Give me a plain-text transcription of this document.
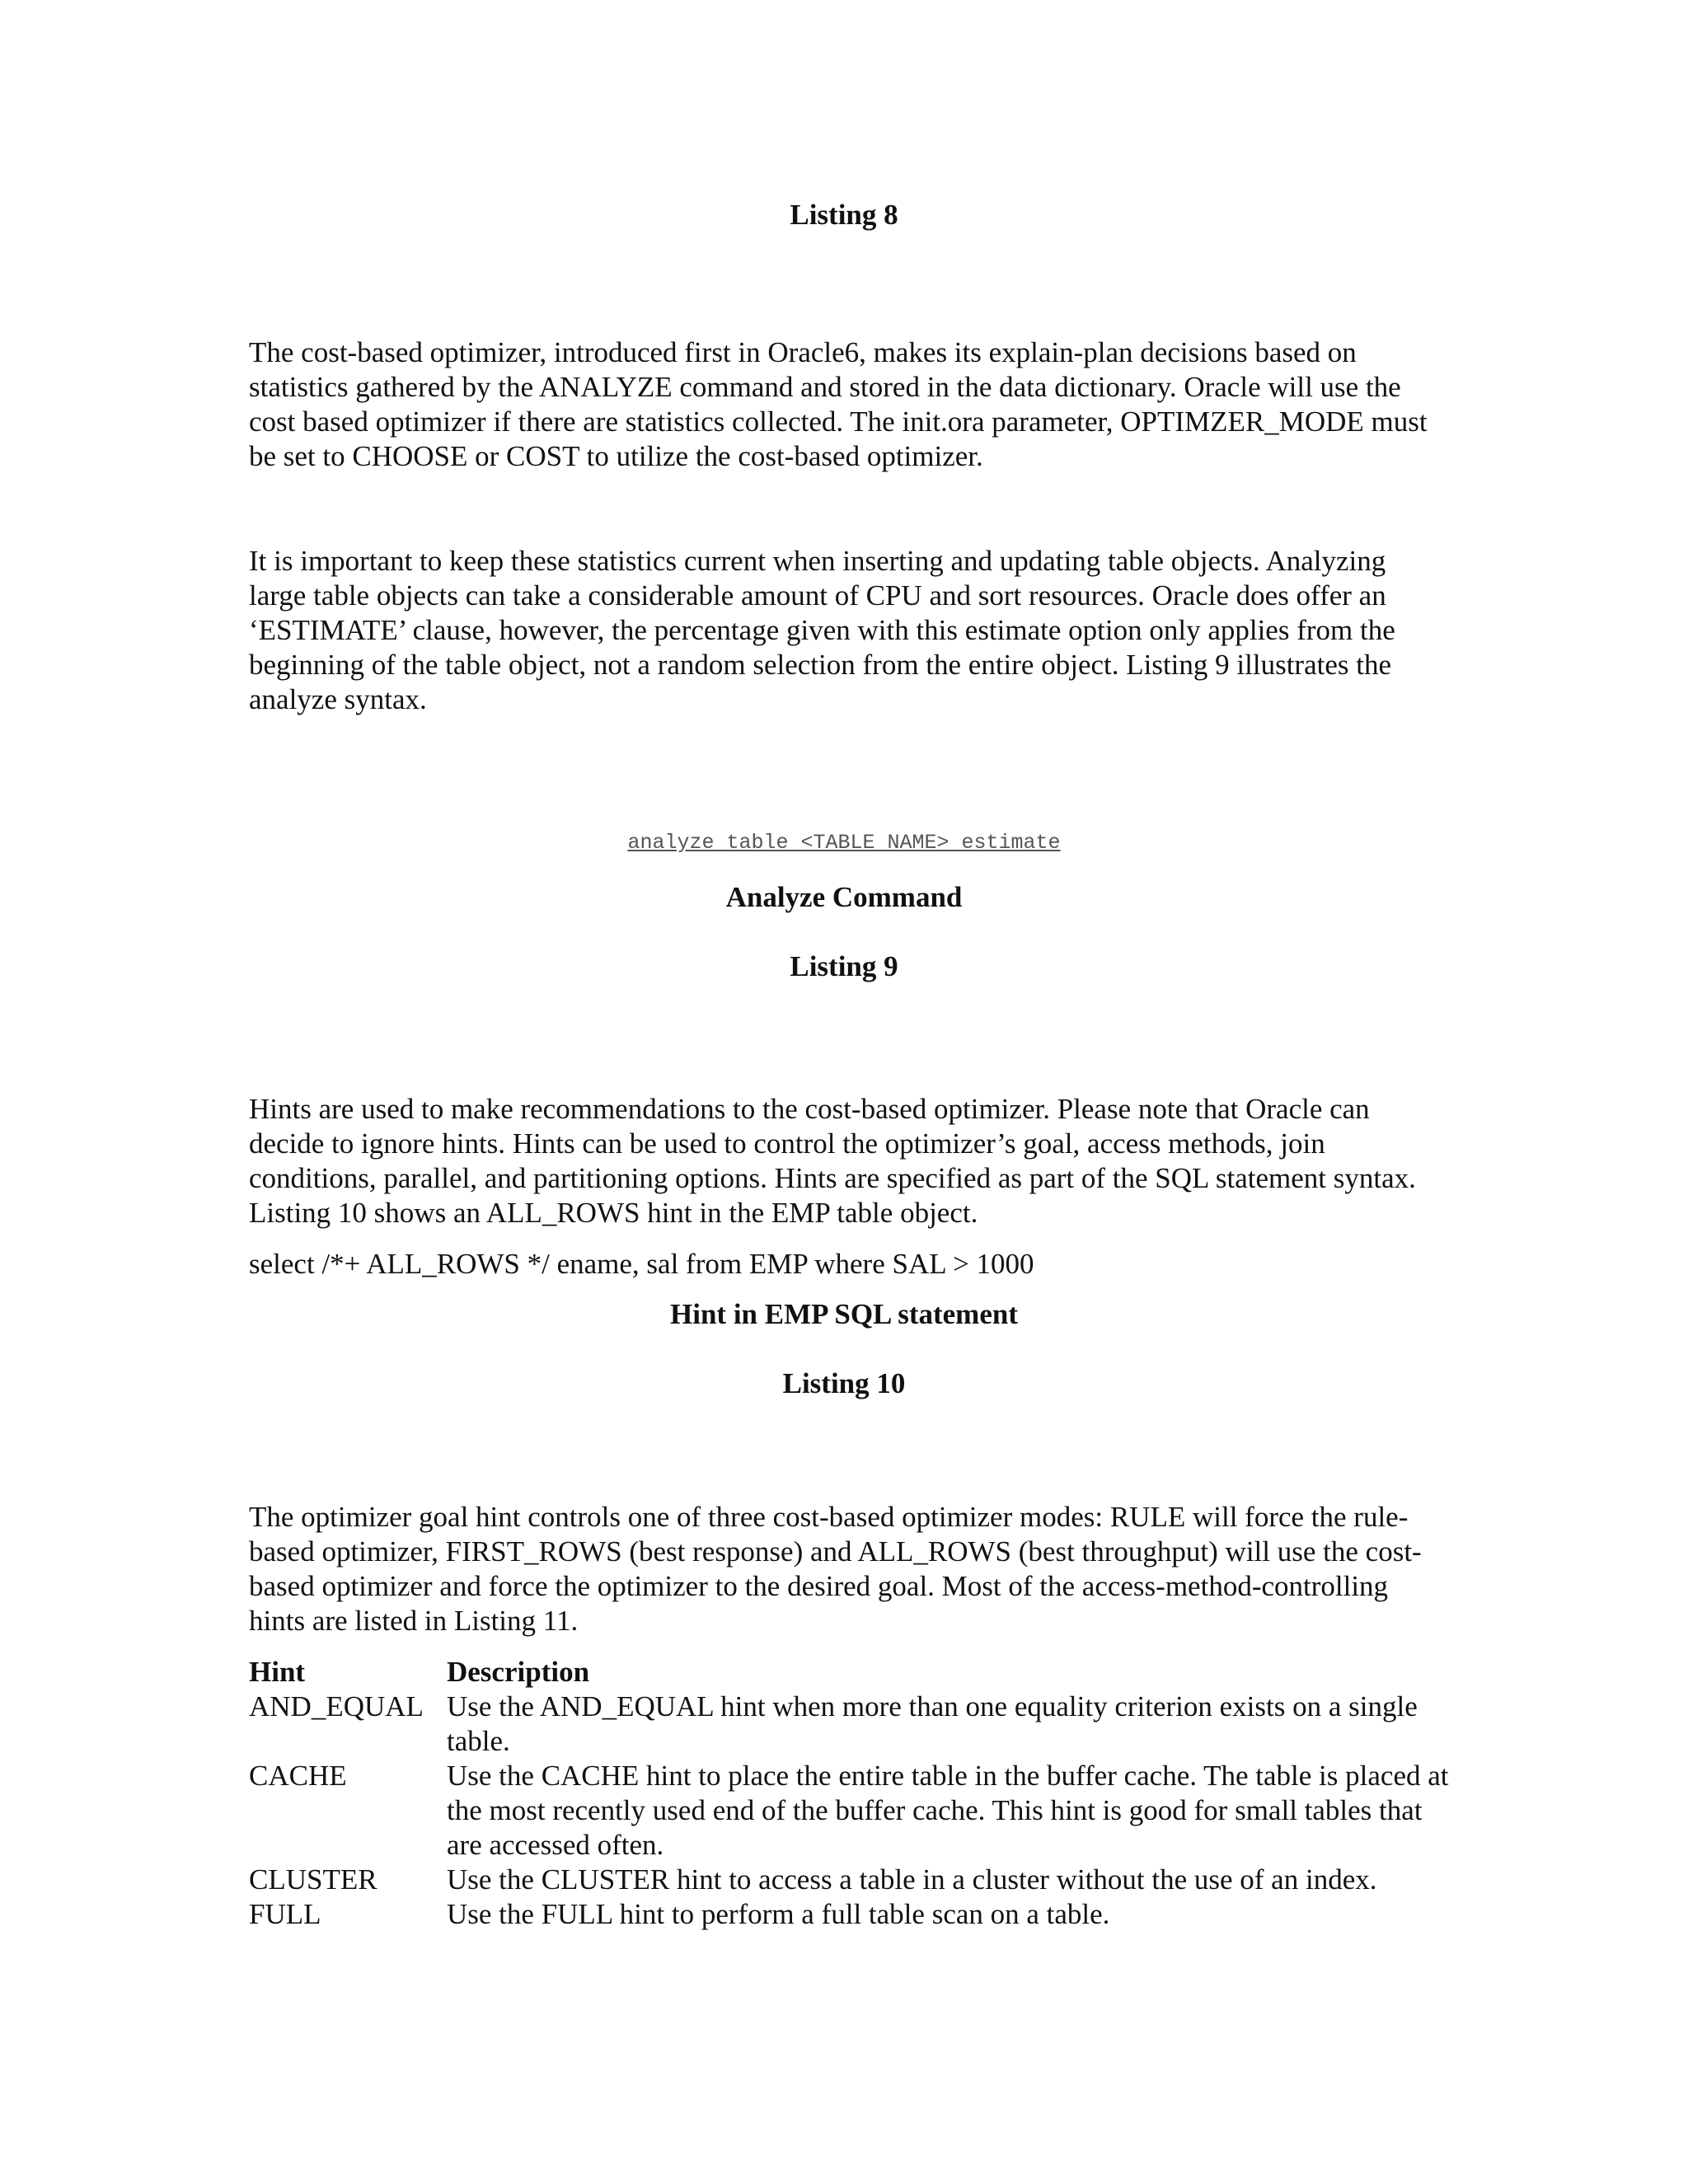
Listing 8

The cost-based optimizer, introduced first in Oracle6, makes its explain-plan decisions based on statistics gathered by the ANALYZE command and stored in the data dictionary. Oracle will use the cost based optimizer if there are statistics collected. The init.ora parameter, OPTIMZER_MODE must be set to CHOOSE or COST to utilize the cost-based optimizer.

It is important to keep these statistics current when inserting and updating table objects. Analyzing large table objects can take a considerable amount of CPU and sort resources. Oracle does offer an ‘ESTIMATE’ clause, however, the percentage given with this estimate option only applies from the beginning of the table object, not a random selection from the entire object. Listing 9 illustrates the analyze syntax.

analyze table <TABLE NAME> estimate
Analyze Command
Listing 9

Hints are used to make recommendations to the cost-based optimizer. Please note that Oracle can decide to ignore hints. Hints can be used to control the optimizer’s goal, access methods, join conditions, parallel, and partitioning options. Hints are specified as part of the SQL statement syntax. Listing 10 shows an ALL_ROWS hint in the EMP table object.

select /*+ ALL_ROWS */ ename, sal from EMP where SAL > 1000
Hint in EMP SQL statement
Listing 10

The optimizer goal hint controls one of three cost-based optimizer modes: RULE will force the rule-based optimizer, FIRST_ROWS (best response) and ALL_ROWS (best throughput) will use the cost-based optimizer and force the optimizer to the desired goal. Most of the access-method-controlling hints are listed in Listing 11.

Hint	Description
AND_EQUAL	Use the AND_EQUAL hint when more than one equality criterion exists on a single           table.
CACHE	Use the CACHE hint to place the entire table in the buffer cache. The table is placed at the most recently used end of the buffer cache. This hint is good for small tables that are accessed often.
CLUSTER	Use the CLUSTER hint to access a table in a cluster without the use of an index.
FULL	Use the FULL hint to perform a full table scan on a table.
